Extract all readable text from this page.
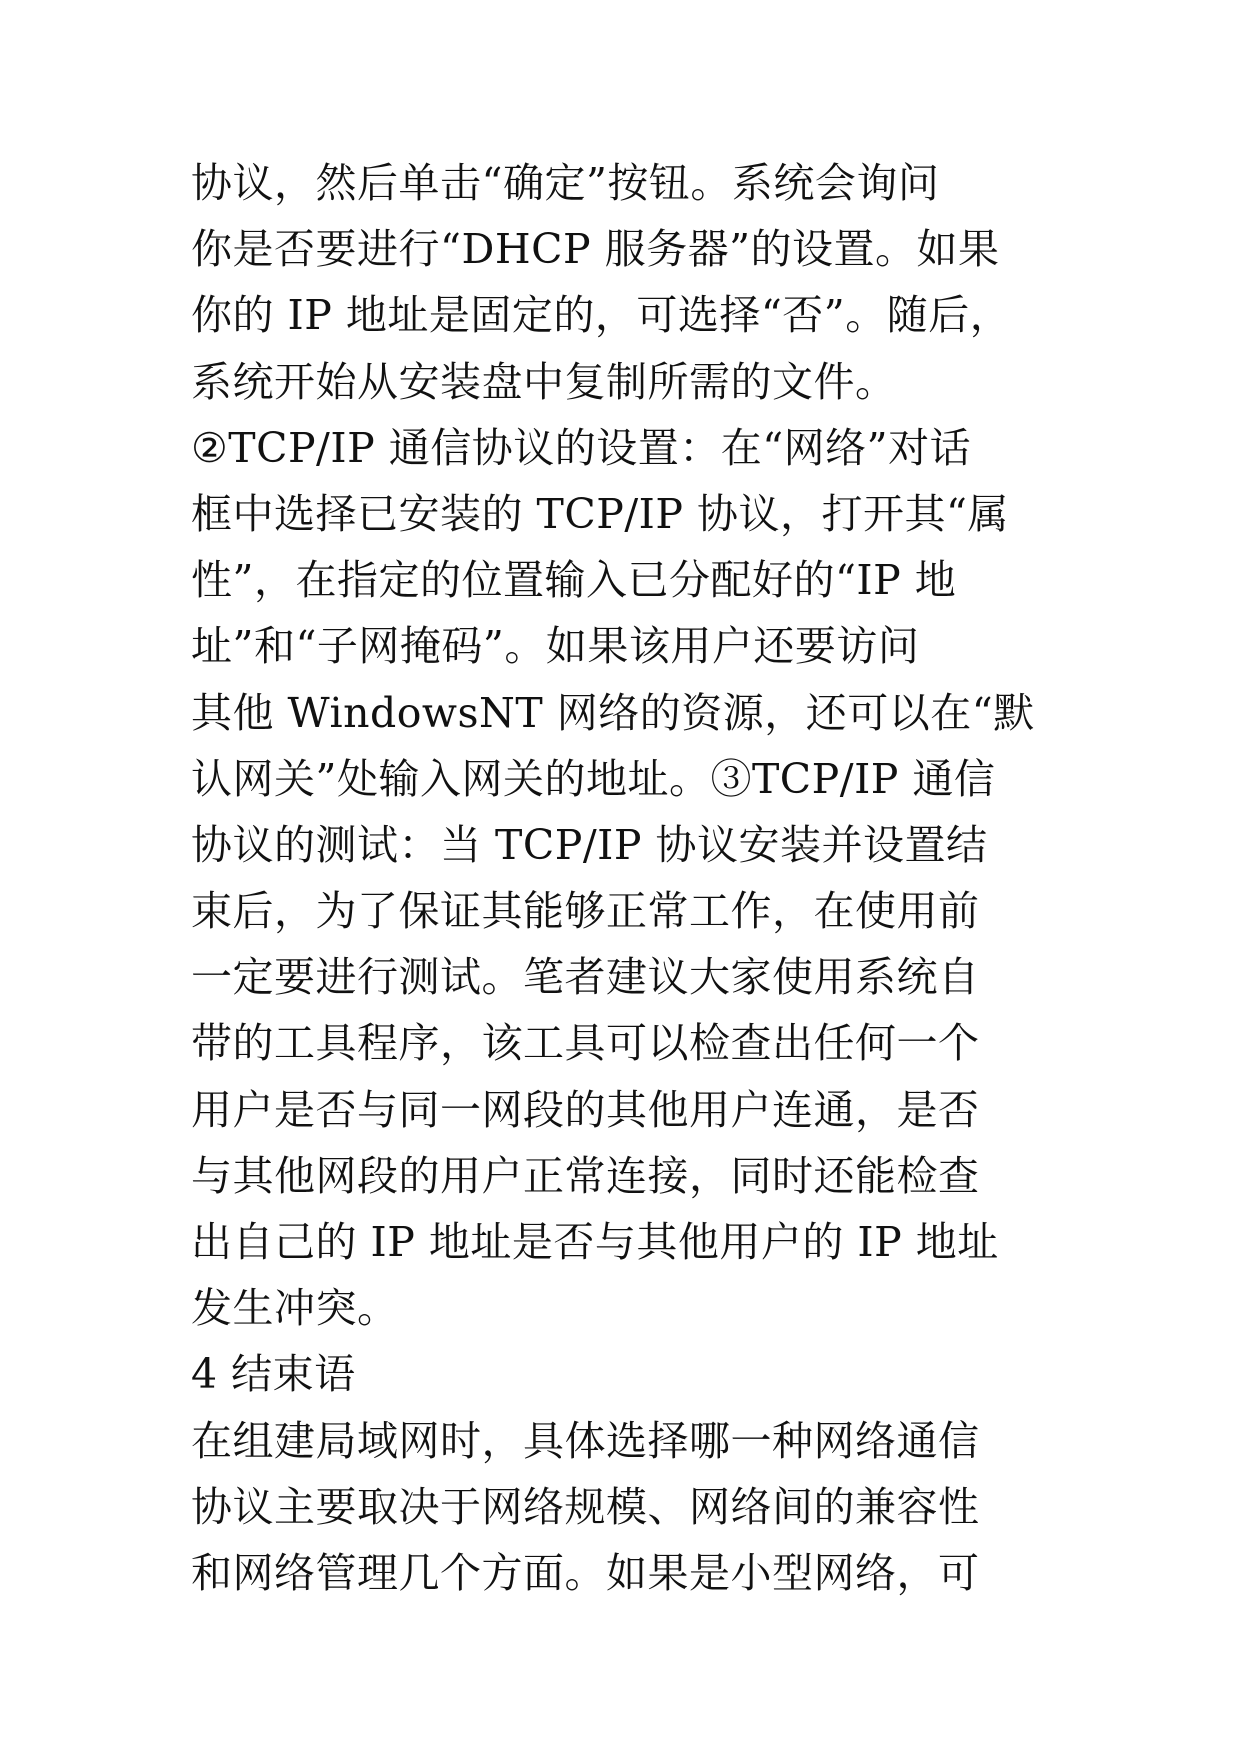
协议，然后单击“确定”按钮。系统会询问
你是否要进行“DHCP 服务器”的设置。如果
你的 IP 地址是固定的，可选择“否”。随后，
系统开始从安装盘中复制所需的文件。
②TCP/IP 通信协议的设置：在“网络”对话
框中选择已安装的 TCP/IP 协议，打开其“属
性”，在指定的位置输入已分配好的“IP 地
址”和“子网掩码”。如果该用户还要访问
其他 WindowsNT 网络的资源，还可以在“默
认网关”处输入网关的地址。③TCP/IP 通信
协议的测试：当 TCP/IP 协议安装并设置结
束后，为了保证其能够正常工作，在使用前
一定要进行测试。笔者建议大家使用系统自
带的工具程序，该工具可以检查出任何一个
用户是否与同一网段的其他用户连通，是否
与其他网段的用户正常连接，同时还能检查
出自己的 IP 地址是否与其他用户的 IP 地址
发生冲突。
4 结束语
在组建局域网时，具体选择哪一种网络通信
协议主要取决于网络规模、网络间的兼容性
和网络管理几个方面。如果是小型网络，可
